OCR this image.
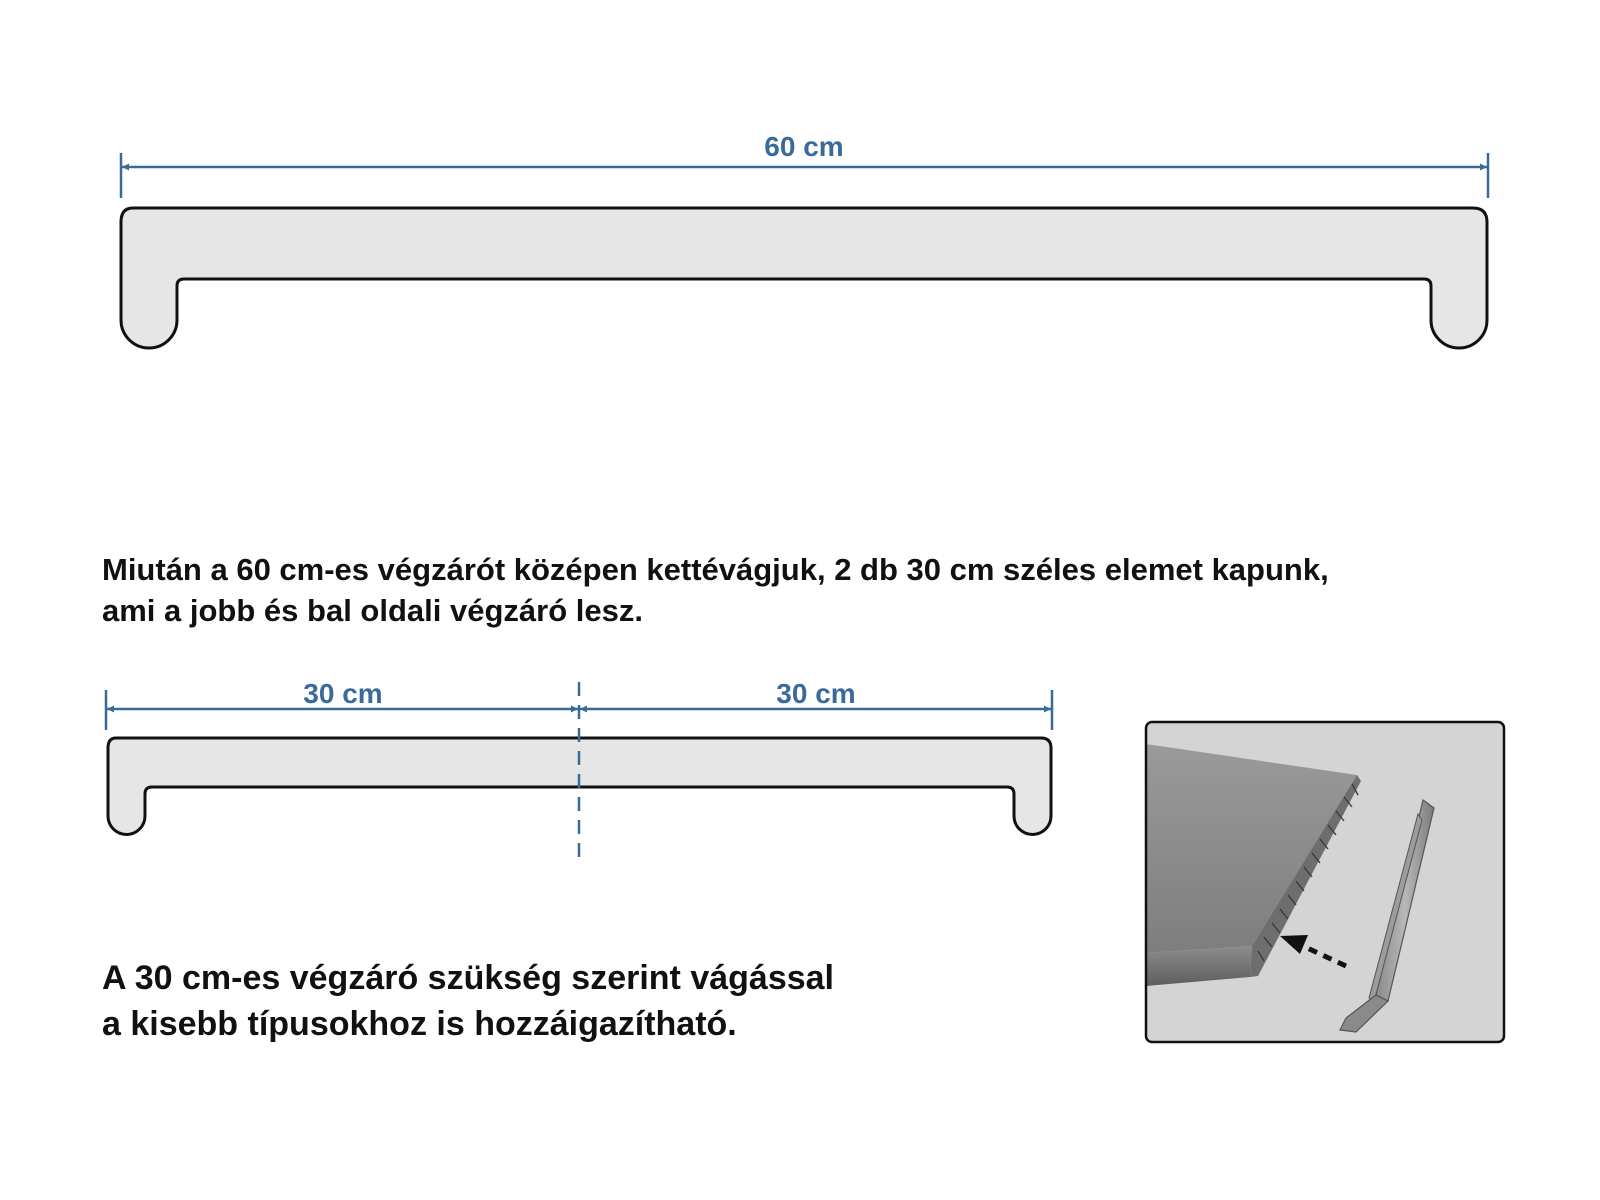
60 cm
30 cm	30 cm

Miután a 60 cm-es végzárót középen kettévágjuk, 2 db 30 cm széles elemet kapunk,
ami a jobb és bal oldali végzáró lesz.

A 30 cm-es végzáró szükség szerint vágással
a kisebb típusokhoz is hozzáigazítható.
